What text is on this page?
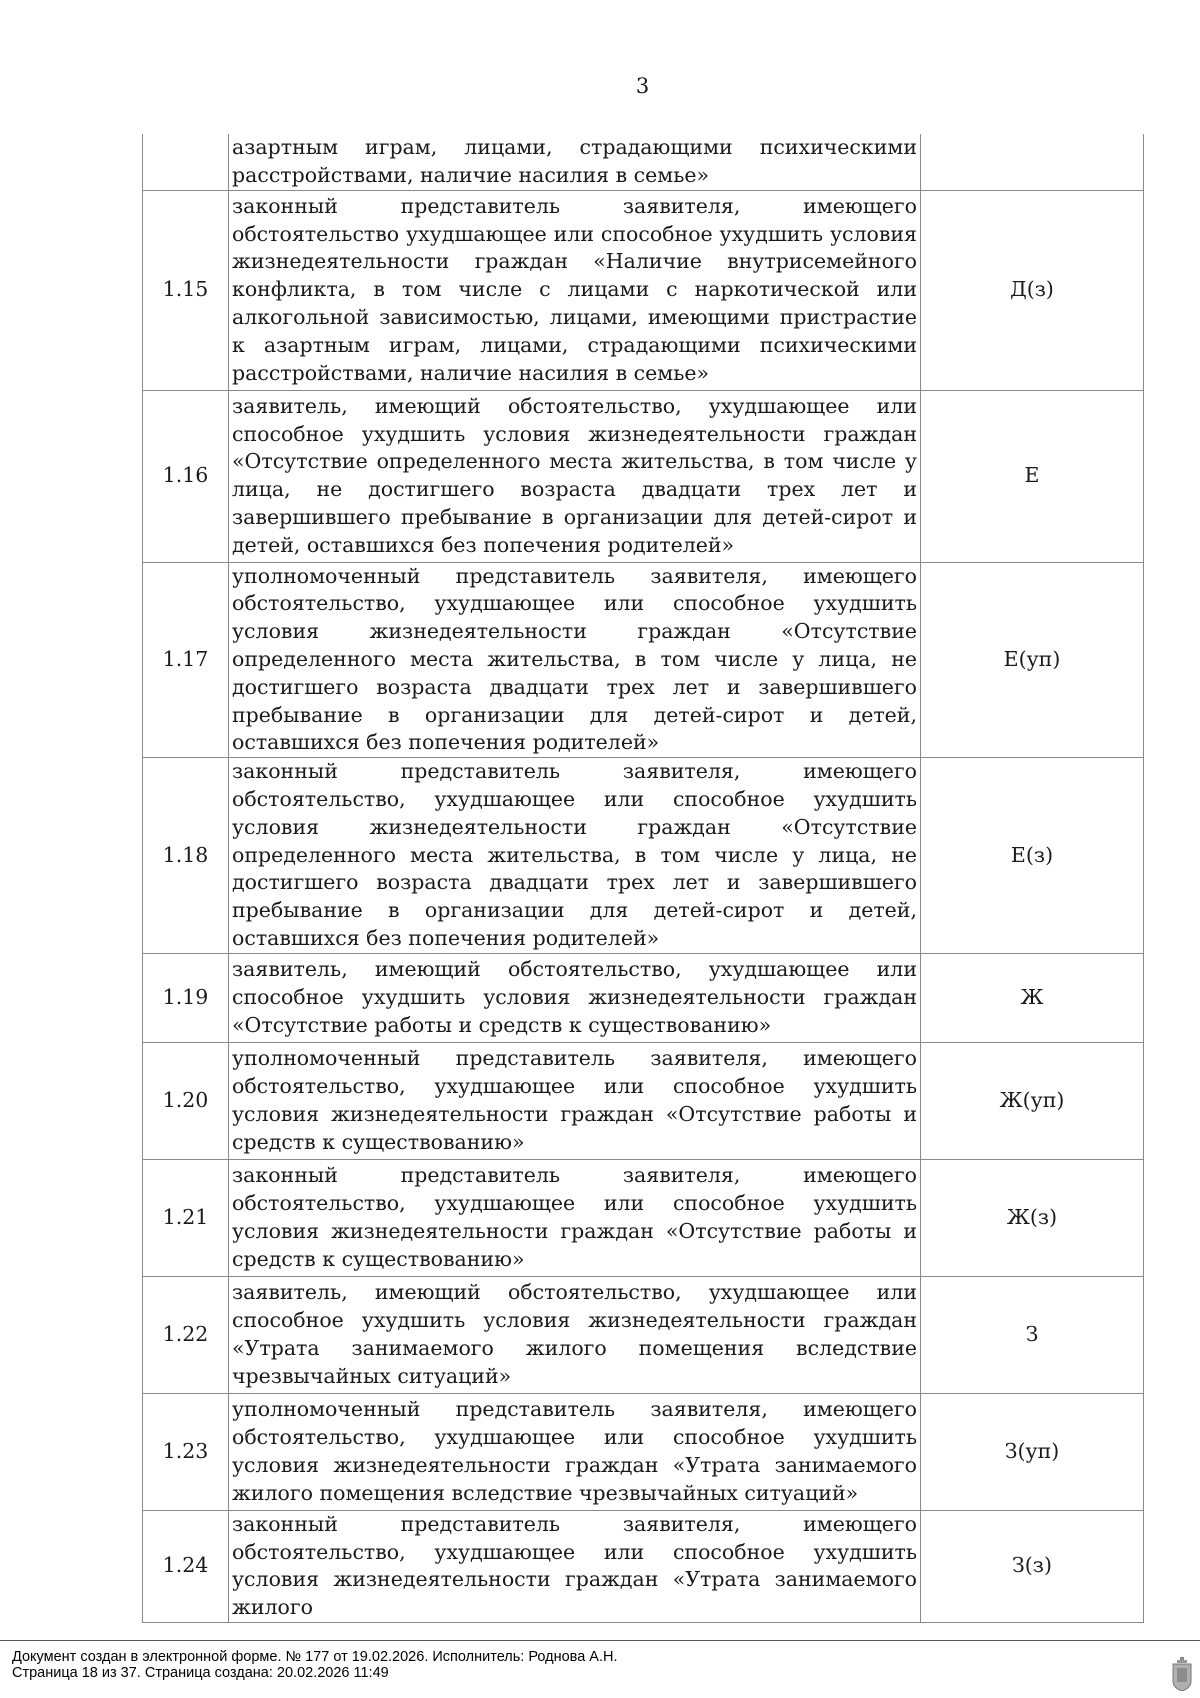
3
	азартным играм, лицами, страдающими психическими расстройствами, наличие насилия в семье»	
1.15	законный представитель заявителя, имеющего обстоятельство ухудшающее или способное ухудшить условия жизнедеятельности граждан «Наличие внутрисемейного конфликта, в том числе с лицами с наркотической или алкогольной зависимостью, лицами, имеющими пристрастие к азартным играм, лицами, страдающими психическими расстройствами, наличие насилия в семье»	Д(з)
1.16	заявитель, имеющий обстоятельство, ухудшающее или способное ухудшить условия жизнедеятельности граждан «Отсутствие определенного места жительства, в том числе у лица, не достигшего возраста двадцати трех лет и завершившего пребывание в организации для детей-сирот и детей, оставшихся без попечения родителей»	Е
1.17	уполномоченный представитель заявителя, имеющего обстоятельство, ухудшающее или способное ухудшить условия жизнедеятельности граждан «Отсутствие определенного места жительства, в том числе у лица, не достигшего возраста двадцати трех лет и завершившего пребывание в организации для детей-сирот и детей, оставшихся без попечения родителей»	Е(уп)
1.18	законный представитель заявителя, имеющего обстоятельство, ухудшающее или способное ухудшить условия жизнедеятельности граждан «Отсутствие определенного места жительства, в том числе у лица, не достигшего возраста двадцати трех лет и завершившего пребывание в организации для детей-сирот и детей, оставшихся без попечения родителей»	Е(з)
1.19	заявитель, имеющий обстоятельство, ухудшающее или способное ухудшить условия жизнедеятельности граждан «Отсутствие работы и средств к существованию»	Ж
1.20	уполномоченный представитель заявителя, имеющего обстоятельство, ухудшающее или способное ухудшить условия жизнедеятельности граждан «Отсутствие работы и средств к существованию»	Ж(уп)
1.21	законный представитель заявителя, имеющего обстоятельство, ухудшающее или способное ухудшить условия жизнедеятельности граждан «Отсутствие работы и средств к существованию»	Ж(з)
1.22	заявитель, имеющий обстоятельство, ухудшающее или способное ухудшить условия жизнедеятельности граждан «Утрата занимаемого жилого помещения вследствие чрезвычайных ситуаций»	З
1.23	уполномоченный представитель заявителя, имеющего обстоятельство, ухудшающее или способное ухудшить условия жизнедеятельности граждан «Утрата занимаемого жилого помещения вследствие чрезвычайных ситуаций»	З(уп)
1.24	законный представитель заявителя, имеющего обстоятельство, ухудшающее или способное ухудшить условия жизнедеятельности граждан «Утрата занимаемого жилого	З(з)
Документ создан в электронной форме. № 177 от 19.02.2026. Исполнитель: Роднова А.Н.
Страница 18 из 37. Страница создана: 20.02.2026 11:49
